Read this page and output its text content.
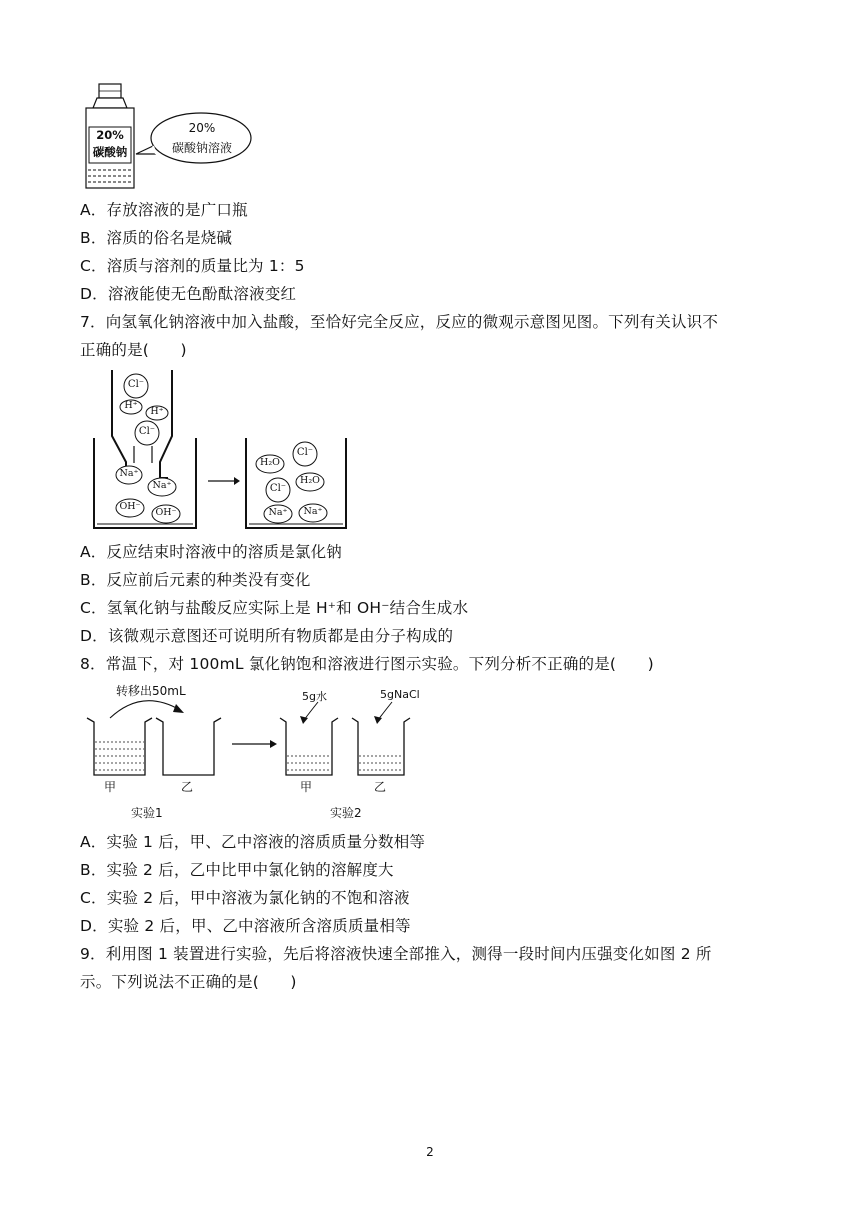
20%
碳酸钠
20%
碳酸钠溶液
A．存放溶液的是广口瓶
B．溶质的俗名是烧碱
C．溶质与溶剂的质量比为 1：5
D．溶液能使无色酚酞溶液变红
7．向氢氧化钠溶液中加入盐酸，至恰好完全反应，反应的微观示意图见图。下列有关认识不
正确的是(　　)
Cl⁻
H⁺
H⁺
Cl⁻
Na⁺
Na⁺
OH⁻
OH⁻
H₂O
Cl⁻
Cl⁻
H₂O
Na⁺	Na⁺
A．反应结束时溶液中的溶质是氯化钠
B．反应前后元素的种类没有变化
C．氢氧化钠与盐酸反应实际上是 H⁺和 OH⁻结合生成水
D．该微观示意图还可说明所有物质都是由分子构成的
8．常温下，对 100mL 氯化钠饱和溶液进行图示实验。下列分析不正确的是(　　)
转移出50mL	5g水	5gNaCl
甲	乙	甲	乙
实验1	实验2
A．实验 1 后，甲、乙中溶液的溶质质量分数相等
B．实验 2 后，乙中比甲中氯化钠的溶解度大
C．实验 2 后，甲中溶液为氯化钠的不饱和溶液
D．实验 2 后，甲、乙中溶液所含溶质质量相等
9．利用图 1 装置进行实验，先后将溶液快速全部推入，测得一段时间内压强变化如图 2 所
示。下列说法不正确的是(　　)
2
